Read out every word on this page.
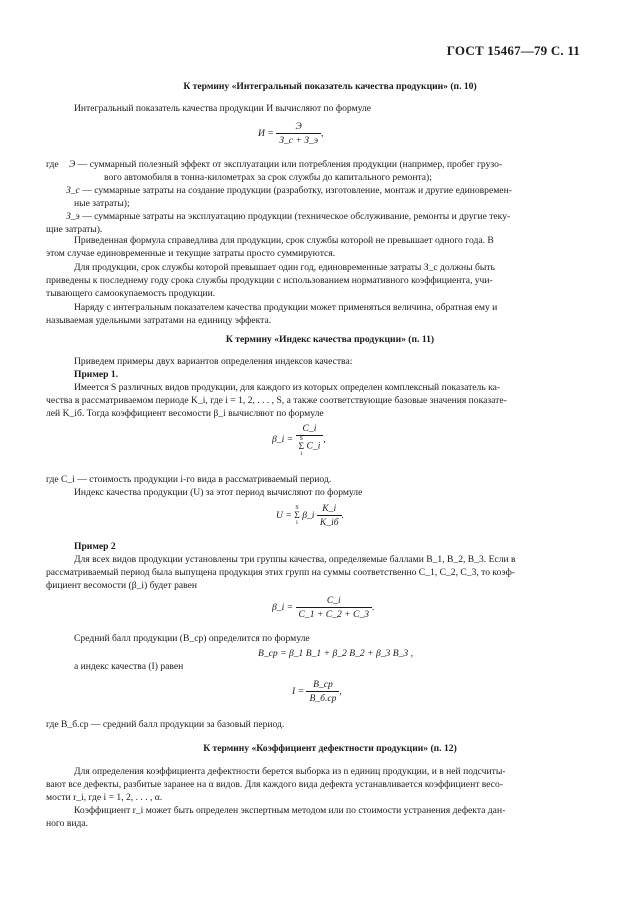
ГОСТ 15467—79 С. 11
К термину «Интегральный показатель качества продукции» (п. 10)
Интегральный показатель качества продукции И вычисляют по формуле
$И = \frac{Э}{З\_с + З\_э}$ ,
где Э — суммарный полезный эффект от эксплуатации или потребления продукции (например, пробег грузо-
вого автомобиля в тонна-километрах за срок службы до капитального ремонта);
З_с — суммарные затраты на создание продукции (разработку, изготовление, монтаж и другие единовремен-
ные затраты);
З_э — суммарные затраты на эксплуатацию продукции (техническое обслуживание, ремонты и другие теку-
щие затраты).
Приведенная формула справедлива для продукции, срок службы которой не превышает одного года. В
этом случае единовременные и текущие затраты просто суммируются.
Для продукции, срок службы которой превышает один год, единовременные затраты З_с должны быть
приведены к последнему году срока службы продукции с использованием нормативного коэффициента, учи-
тывающего самоокупаемость продукции.
Наряду с интегральным показателем качества продукции может применяться величина, обратная ему и
называемая удельными затратами на единицу эффекта.
К термину «Индекс качества продукции» (п. 11)
Приведем примеры двух вариантов определения индексов качества:
Пример 1.
Имеется S различных видов продукции, для каждого из которых определен комплексный показатель ка-
чества в рассматриваемом периоде K_i, где i = 1, 2, . . . , S, а также соответствующие базовые значения показате-
лей K_iб. Тогда коэффициент весомости β_i вычисляют по формуле
β_i = C_i
S
Σ
i
C_i ,
где C_i — стоимость продукции i-го вида в рассматриваемый период.
Индекс качества продукции (U) за этот период вычисляют по формуле
U =
S
Σ
i
β_i $\frac{K\_i}{K\_iб}$ .
Пример 2
Для всех видов продукции установлены три группы качества, определяемые баллами B_1, B_2, B_3. Если в
рассматриваемый период была выпущена продукция этих групп на суммы соответственно C_1, C_2, C_3, то коэф-
фициент весомости (β_i) будет равен
β_i = $\frac{C\_i}{C\_1 + C\_2 + C\_3}$ .
Средний балл продукции (B_ср) определится по формуле
B_ср = β_1 B_1 + β_2 B_2 + β_3 B_3 ,
а индекс качества (I) равен
$I = \frac{B\_ср}{B\_б.ср}$ ,
где B_б.ср — средний балл продукции за базовый период.
К термину «Коэффициент дефектности продукции» (п. 12)
Для определения коэффициента дефектности берется выборка из n единиц продукции, и в ней подсчиты-
вают все дефекты, разбитые заранее на α видов. Для каждого вида дефекта устанавливается коэффициент весо-
мости r_i, где i = 1, 2, . . . , α.
Коэффициент r_i может быть определен экспертным методом или по стоимости устранения дефекта дан-
ного вида.
